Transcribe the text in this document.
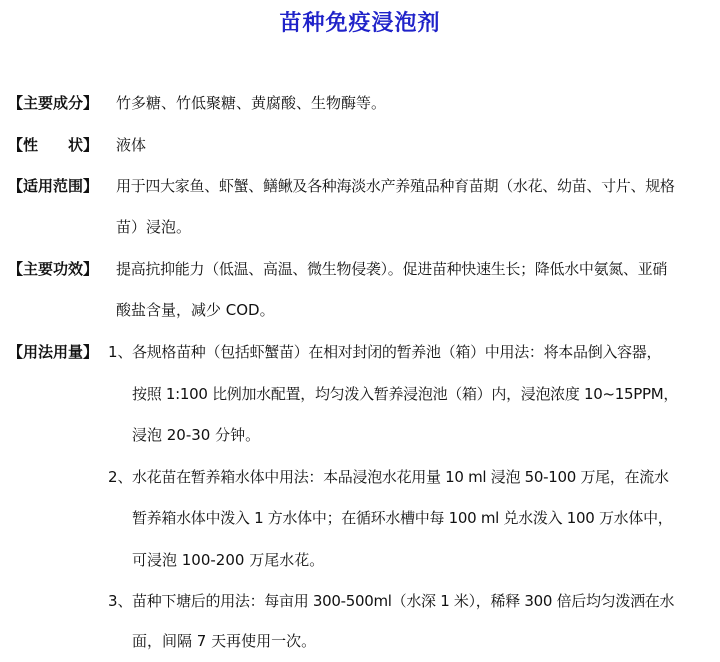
苗种免疫浸泡剂
【主要成分】	竹多糖、竹低聚糖、黄腐酸、生物酶等。
【性　　状】	液体
【适用范围】	用于四大家鱼、虾蟹、鳝鳅及各种海淡水产养殖品种育苗期（水花、幼苗、寸片、规格
苗）浸泡。
【主要功效】	提高抗抑能力（低温、高温、微生物侵袭）。促进苗种快速生长；降低水中氨氮、亚硝
酸盐含量，减少 COD。
【用法用量】 1、 各规格苗种（包括虾蟹苗）在相对封闭的暂养池（箱）中用法：将本品倒入容器，
按照 1:100 比例加水配置，均匀泼入暂养浸泡池（箱）内，浸泡浓度 10~15PPM，
浸泡 20-30 分钟。
2、 水花苗在暂养箱水体中用法：本品浸泡水花用量 10 ml 浸泡 50-100 万尾，在流水
暂养箱水体中泼入 1 方水体中；在循环水槽中每 100 ml 兑水泼入 100 万水体中，
可浸泡 100-200 万尾水花。
3、 苗种下塘后的用法：每亩用 300-500ml（水深 1 米），稀释 300 倍后均匀泼洒在水
面，间隔 7 天再使用一次。
